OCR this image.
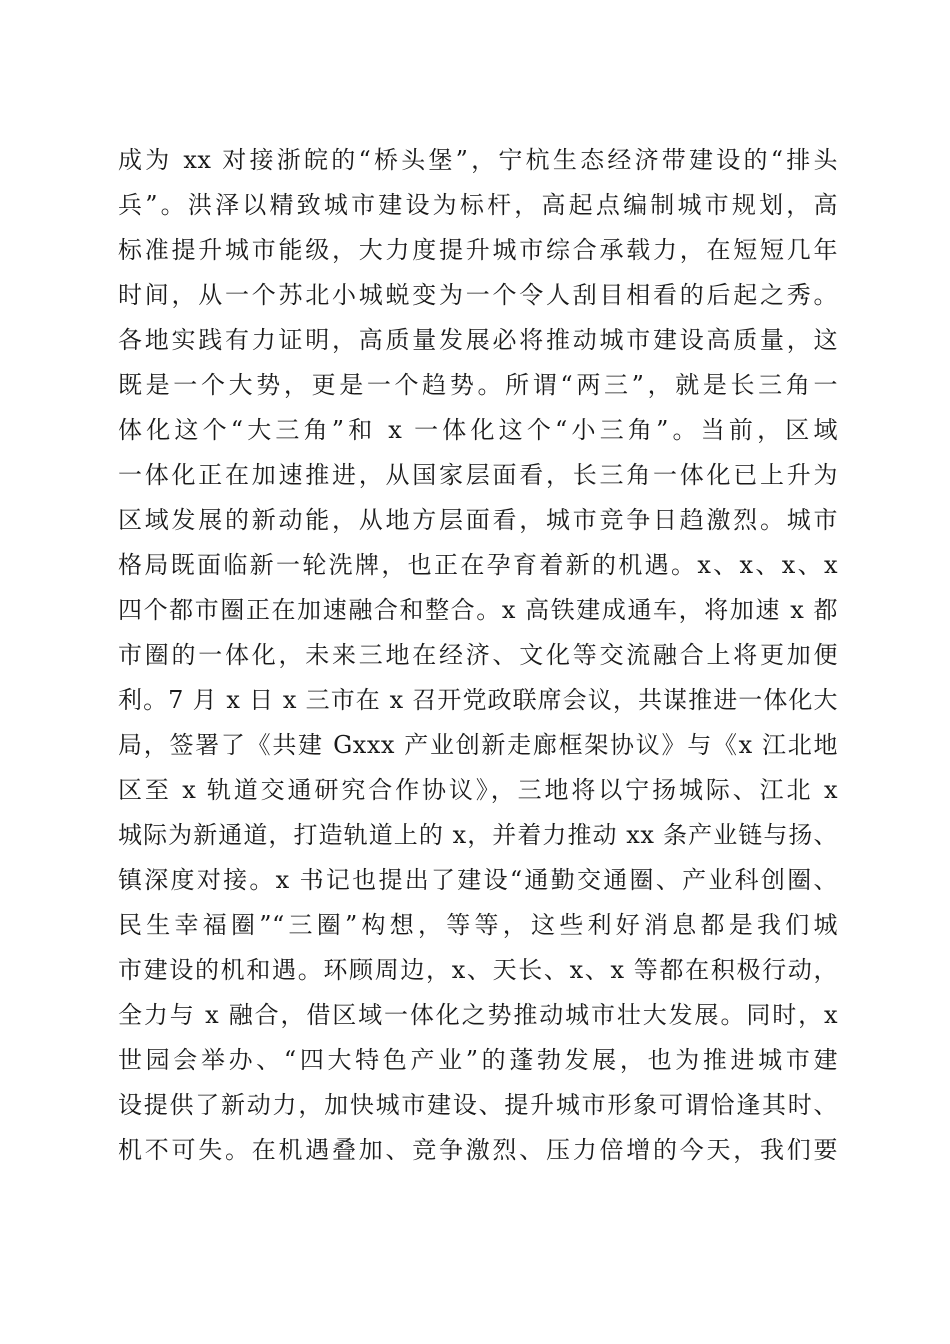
成为 xx 对接浙皖的“桥头堡”，宁杭生态经济带建设的“排头
兵”。洪泽以精致城市建设为标杆，高起点编制城市规划，高
标准提升城市能级，大力度提升城市综合承载力，在短短几年
时间，从一个苏北小城蜕变为一个令人刮目相看的后起之秀。
各地实践有力证明，高质量发展必将推动城市建设高质量，这
既是一个大势，更是一个趋势。所谓“两三”，就是长三角一
体化这个“大三角”和 x 一体化这个“小三角”。当前，区域
一体化正在加速推进，从国家层面看，长三角一体化已上升为
区域发展的新动能，从地方层面看，城市竞争日趋激烈。城市
格局既面临新一轮洗牌，也正在孕育着新的机遇。x、x、x、x
四个都市圈正在加速融合和整合。x 高铁建成通车，将加速 x 都
市圈的一体化，未来三地在经济、文化等交流融合上将更加便
利。7 月 x 日 x 三市在 x 召开党政联席会议，共谋推进一体化大
局，签署了《共建 Gxxx 产业创新走廊框架协议》与《x 江北地
区至 x 轨道交通研究合作协议》，三地将以宁扬城际、江北 x
城际为新通道，打造轨道上的 x，并着力推动 xx 条产业链与扬、
镇深度对接。x 书记也提出了建设“通勤交通圈、产业科创圈、
民生幸福圈”“三圈”构想，等等，这些利好消息都是我们城
市建设的机和遇。环顾周边，x、天长、x、x 等都在积极行动，
全力与 x 融合，借区域一体化之势推动城市壮大发展。同时，x
世园会举办、“四大特色产业”的蓬勃发展，也为推进城市建
设提供了新动力，加快城市建设、提升城市形象可谓恰逢其时、
机不可失。在机遇叠加、竞争激烈、压力倍增的今天，我们要
